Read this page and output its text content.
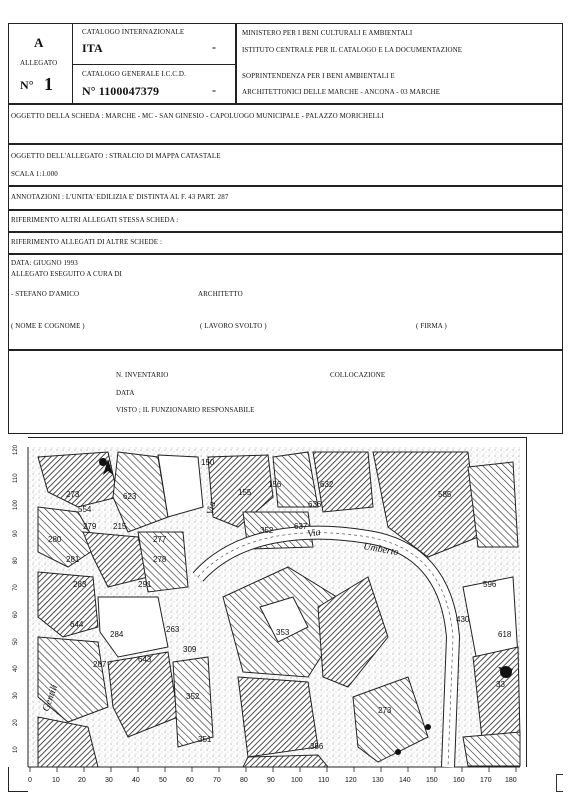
A
ALLEGATO
N° 1
CATALOGO INTERNAZIONALE
ITA	-
CATALOGO GENERALE I.C.C.D.
N° 1100047379	-
MINISTERO PER I BENI CULTURALI E AMBIENTALI
ISTITUTO CENTRALE PER IL CATALOGO E LA DOCUMENTAZIONE
SOPRINTENDENZA PER I BENI AMBIENTALI E
ARCHITETTONICI DELLE MARCHE - ANCONA - 03 MARCHE
OGGETTO DELLA SCHEDA : MARCHE - MC - SAN GINESIO - CAPOLUOGO MUNICIPALE - PALAZZO MORICHELLI
OGGETTO DELL'ALLEGATO : STRALCIO DI MAPPA CATASTALE
SCALA 1:1.000
ANNOTAZIONI : L'UNITA' EDILIZIA E' DISTINTA AL F. 43 PART. 287
RIFERIMENTO ALTRI ALLEGATI STESSA SCHEDA :
RIFERIMENTO ALLEGATI DI ALTRE SCHEDE :
DATA: GIUGNO 1993
ALLEGATO ESEGUITO A CURA DI
- STEFANO D'AMICO	ARCHITETTO
( NOME E COGNOME )	( LAVORO SVOLTO )	( FIRMA )
N. INVENTARIO	COLLOCAZIONE
DATA
VISTO ; IL FUNZIONARIO RESPONSABILE
150
156	632
585
273	623	155
636
554
279 215	352	637
280
281
277
278
283	291	596
644
284
263
309
353
430
618
287
643
352
273
33
351
356
Via
Umberto
Via
Gentili
120
110
100
90
80
70
60
50
40
30
20
10
0	10	20	30	40	50	60	70	80	90 100 110 120 130 140 150 160 170 180
